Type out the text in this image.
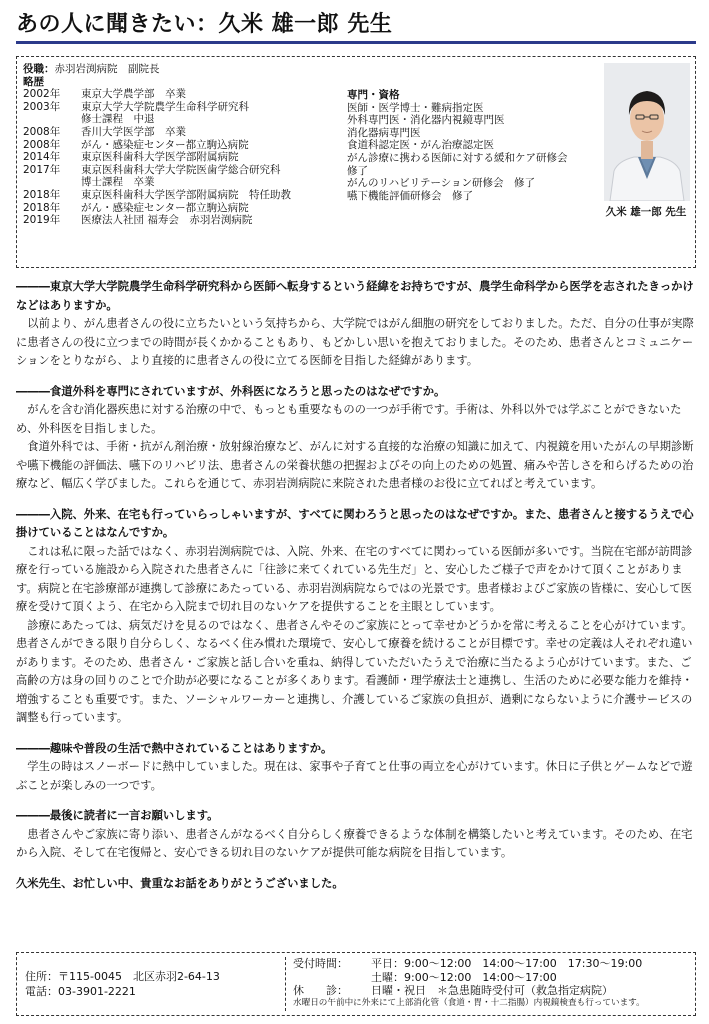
あの人に聞きたい：久米 雄一郎 先生
役職：赤羽岩渕病院　副院長
略歴
2002年	東京大学農学部　卒業
2003年	東京大学大学院農学生命科学研究科
修士課程　中退
2008年	香川大学医学部　卒業
2008年	がん・感染症センター都立駒込病院
2014年	東京医科歯科大学医学部附属病院
2017年	東京医科歯科大学大学院医歯学総合研究科
博士課程　卒業
2018年	東京医科歯科大学医学部附属病院　特任助教
2018年	がん・感染症センター都立駒込病院
2019年	医療法人社団 福寿会　赤羽岩渕病院
専門・資格
医師・医学博士・難病指定医
外科専門医・消化器内視鏡専門医
消化器病専門医
食道科認定医・がん治療認定医
がん診療に携わる医師に対する緩和ケア研修会
修了
がんのリハビリテーション研修会　修了
嚥下機能評価研修会　修了
久米 雄一郎 先生
―――東京大学大学院農学生命科学研究科から医師へ転身するという経緯をお持ちですが、農学生命科学から医学を志されたきっかけなどはありますか。
以前より、がん患者さんの役に立ちたいという気持ちから、大学院ではがん細胞の研究をしておりました。ただ、自分の仕事が実際に患者さんの役に立つまでの時間が長くかかることもあり、もどかしい思いを抱えておりました。そのため、患者さんとコミュニケーションをとりながら、より直接的に患者さんの役に立てる医師を目指した経緯があります。
―――食道外科を専門にされていますが、外科医になろうと思ったのはなぜですか。
がんを含む消化器疾患に対する治療の中で、もっとも重要なものの一つが手術です。手術は、外科以外では学ぶことができないため、外科医を目指しました。
食道外科では、手術・抗がん剤治療・放射線治療など、がんに対する直接的な治療の知識に加えて、内視鏡を用いたがんの早期診断や嚥下機能の評価法、嚥下のリハビリ法、患者さんの栄養状態の把握およびその向上のための処置、痛みや苦しさを和らげるための治療など、幅広く学びました。これらを通じて、赤羽岩渕病院に来院された患者様のお役に立てればと考えています。
―――入院、外来、在宅も行っていらっしゃいますが、すべてに関わろうと思ったのはなぜですか。また、患者さんと接するうえで心掛けていることはなんですか。
これは私に限った話ではなく、赤羽岩渕病院では、入院、外来、在宅のすべてに関わっている医師が多いです。当院在宅部が訪問診療を行っている施設から入院された患者さんに「往診に来てくれている先生だ」と、安心したご様子で声をかけて頂くことがあります。病院と在宅診療部が連携して診療にあたっている、赤羽岩渕病院ならではの光景です。患者様およびご家族の皆様に、安心して医療を受けて頂くよう、在宅から入院まで切れ目のないケアを提供することを主眼としています。
診療にあたっては、病気だけを見るのではなく、患者さんやそのご家族にとって幸せかどうかを常に考えることを心がけています。患者さんができる限り自分らしく、なるべく住み慣れた環境で、安心して療養を続けることが目標です。幸せの定義は人それぞれ違いがあります。そのため、患者さん・ご家族と話し合いを重ね、納得していただいたうえで治療に当たるよう心がけています。また、ご高齢の方は身の回りのことで介助が必要になることが多くあります。看護師・理学療法士と連携し、生活のために必要な能力を維持・増強することも重要です。また、ソーシャルワーカーと連携し、介護しているご家族の負担が、過剰にならないように介護サービスの調整も行っています。
―――趣味や普段の生活で熱中されていることはありますか。
学生の時はスノーボードに熱中していました。現在は、家事や子育てと仕事の両立を心がけています。休日に子供とゲームなどで遊ぶことが楽しみの一つです。
―――最後に読者に一言お願いします。
患者さんやご家族に寄り添い、患者さんがなるべく自分らしく療養できるような体制を構築したいと考えています。そのため、在宅から入院、そして在宅復帰と、安心できる切れ目のないケアが提供可能な病院を目指しています。
久米先生、お忙しい中、貴重なお話をありがとうございました。
住所：〒115-0045　北区赤羽2-64-13
電話：03-3901-2221
受付時間：	平日：9:00～12:00　14:00～17:00　17:30～19:00
土曜：9:00～12:00　14:00～17:00
休　　診：	日曜・祝日　＊急患随時受付可（救急指定病院）
水曜日の午前中に外来にて上部消化管（食道・胃・十二指腸）内視鏡検査も行っています。
